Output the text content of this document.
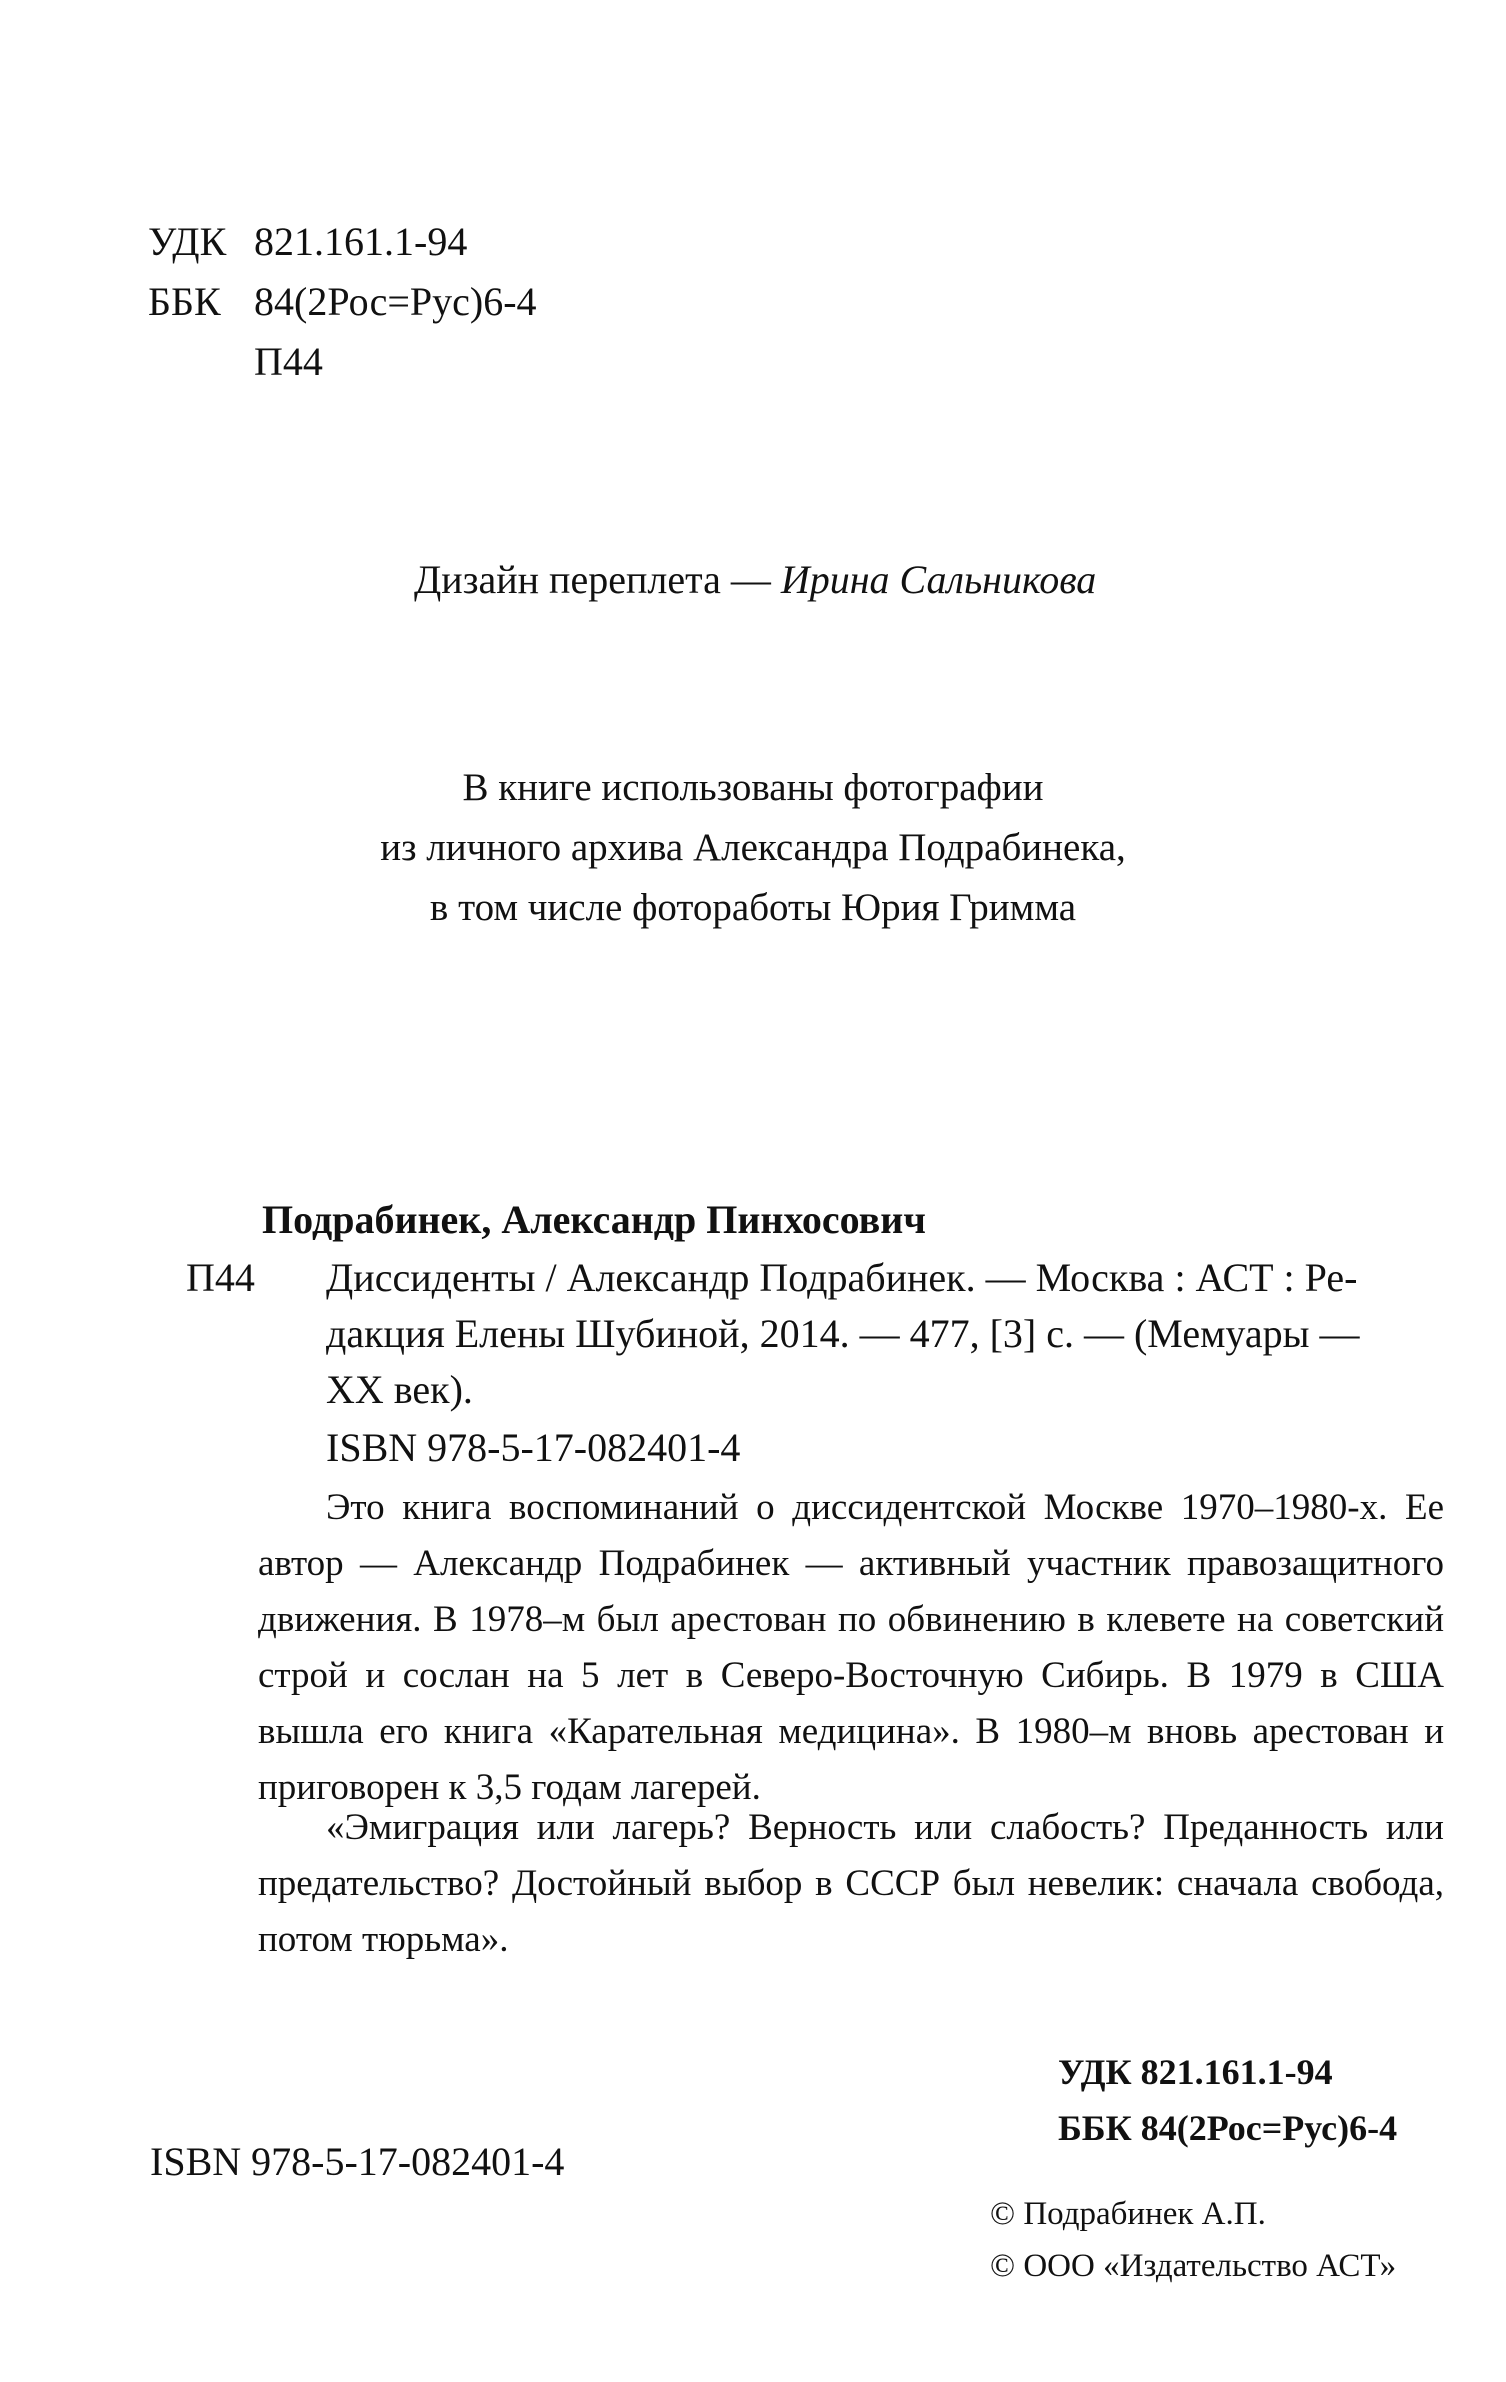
УДК 821.161.1-94
ББК 84(2Рос=Рус)6-4
П44
Дизайн переплета — Ирина Сальникова
В книге использованы фотографии
из личного архива Александра Подрабинека,
в том числе фотоработы Юрия Гримма
Подрабинек, Александр Пинхосович
П44 Диссиденты / Александр Подрабинек. — Москва : АСТ : Ре-
дакция Елены Шубиной, 2014. — 477, [3] с. — (Мемуары —
XX век).
ISBN 978-5-17-082401-4
Это книга воспоминаний о диссидентской Москве 1970–1980-х. Ее автор — Александр Подрабинек — активный участник правозащитного движения. В 1978–м был арестован по обвинению в клевете на советский строй и сослан на 5 лет в Северо-Восточную Сибирь. В 1979 в США вышла его книга «Карательная медицина». В 1980–м вновь арестован и приговорен к 3,5 годам лагерей.
«Эмиграция или лагерь? Верность или слабость? Преданность или предательство? Достойный выбор в СССР был невелик: сначала свобода, потом тюрьма».
УДК 821.161.1-94
ББК 84(2Рос=Рус)6-4
ISBN 978-5-17-082401-4
© Подрабинек А.П.
© ООО «Издательство АСТ»
